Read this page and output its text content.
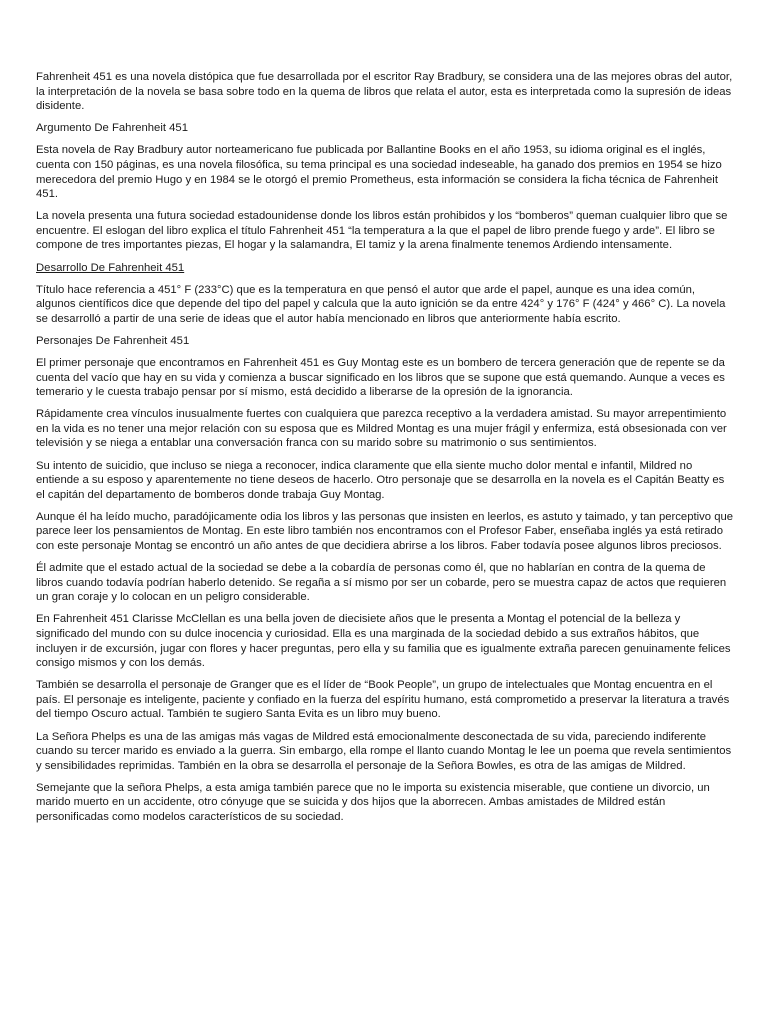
Fahrenheit 451 es una novela distópica que fue desarrollada por el escritor Ray Bradbury, se considera una de las mejores obras del autor, la interpretación de la novela se basa sobre todo en la quema de libros que relata el autor, esta es interpretada como la supresión de ideas disidente.

Argumento De Fahrenheit 451

Esta novela de Ray Bradbury autor norteamericano fue publicada por Ballantine Books en el año 1953, su idioma original es el inglés, cuenta con 150 páginas, es una novela filosófica, su tema principal es una sociedad indeseable, ha ganado dos premios en 1954 se hizo merecedora del premio Hugo y en 1984 se le otorgó el premio Prometheus, esta información se considera la ficha técnica de Fahrenheit 451.

La novela presenta una futura sociedad estadounidense donde los libros están prohibidos y los “bomberos” queman cualquier libro que se encuentre. El eslogan del libro explica el título Fahrenheit 451 “la temperatura a la que el papel de libro prende fuego y arde”. El libro se compone de tres importantes piezas, El hogar y la salamandra, El tamiz y la arena finalmente tenemos Ardiendo intensamente.

Desarrollo De Fahrenheit 451

Título hace referencia a 451° F (233°C) que es la temperatura en que pensó el autor que arde el papel, aunque es una idea común, algunos científicos dice que depende del tipo del papel y calcula que la auto ignición se da entre 424° y 176° F (424° y 466° C). La novela se desarrolló a partir de una serie de ideas que el autor había mencionado en libros que anteriormente había escrito.

Personajes De Fahrenheit 451

El primer personaje que encontramos en Fahrenheit 451 es Guy Montag este es un bombero de tercera generación que de repente se da cuenta del vacío que hay en su vida y comienza a buscar significado en los libros que se supone que está quemando. Aunque a veces es temerario y le cuesta trabajo pensar por sí mismo, está decidido a liberarse de la opresión de la ignorancia.

Rápidamente crea vínculos inusualmente fuertes con cualquiera que parezca receptivo a la verdadera amistad. Su mayor arrepentimiento en la vida es no tener una mejor relación con su esposa que es Mildred Montag es una mujer frágil y enfermiza, está obsesionada con ver televisión y se niega a entablar una conversación franca con su marido sobre su matrimonio o sus sentimientos.

Su intento de suicidio, que incluso se niega a reconocer, indica claramente que ella siente mucho dolor mental e infantil, Mildred no entiende a su esposo y aparentemente no tiene deseos de hacerlo. Otro personaje que se desarrolla en la novela es el Capitán Beatty es el capitán del departamento de bomberos donde trabaja Guy Montag.

Aunque él ha leído mucho, paradójicamente odia los libros y las personas que insisten en leerlos, es astuto y taimado, y tan perceptivo que parece leer los pensamientos de Montag. En este libro también nos encontramos con el Profesor Faber, enseñaba inglés ya está retirado con este personaje Montag se encontró un año antes de que decidiera abrirse a los libros. Faber todavía posee algunos libros preciosos.

Él admite que el estado actual de la sociedad se debe a la cobardía de personas como él, que no hablarían en contra de la quema de libros cuando todavía podrían haberlo detenido. Se regaña a sí mismo por ser un cobarde, pero se muestra capaz de actos que requieren un gran coraje y lo colocan en un peligro considerable.

En Fahrenheit 451 Clarisse McClellan es una bella joven de diecisiete años que le presenta a Montag el potencial de la belleza y significado del mundo con su dulce inocencia y curiosidad. Ella es una marginada de la sociedad debido a sus extraños hábitos, que incluyen ir de excursión, jugar con flores y hacer preguntas, pero ella y su familia que es igualmente extraña parecen genuinamente felices consigo mismos y con los demás.

También se desarrolla el personaje de Granger que es el líder de “Book People”, un grupo de intelectuales que Montag encuentra en el país. El personaje es inteligente, paciente y confiado en la fuerza del espíritu humano, está comprometido a preservar la literatura a través del tiempo Oscuro actual. También te sugiero Santa Evita es un libro muy bueno.

La Señora Phelps es una de las amigas más vagas de Mildred está emocionalmente desconectada de su vida, pareciendo indiferente cuando su tercer marido es enviado a la guerra. Sin embargo, ella rompe el llanto cuando Montag le lee un poema que revela sentimientos y sensibilidades reprimidas. También en la obra se desarrolla el personaje de la Señora Bowles, es otra de las amigas de Mildred.

Semejante que la señora Phelps, a esta amiga también parece que no le importa su existencia miserable, que contiene un divorcio, un marido muerto en un accidente, otro cónyuge que se suicida y dos hijos que la aborrecen. Ambas amistades de Mildred están personificadas como modelos característicos de su sociedad.
